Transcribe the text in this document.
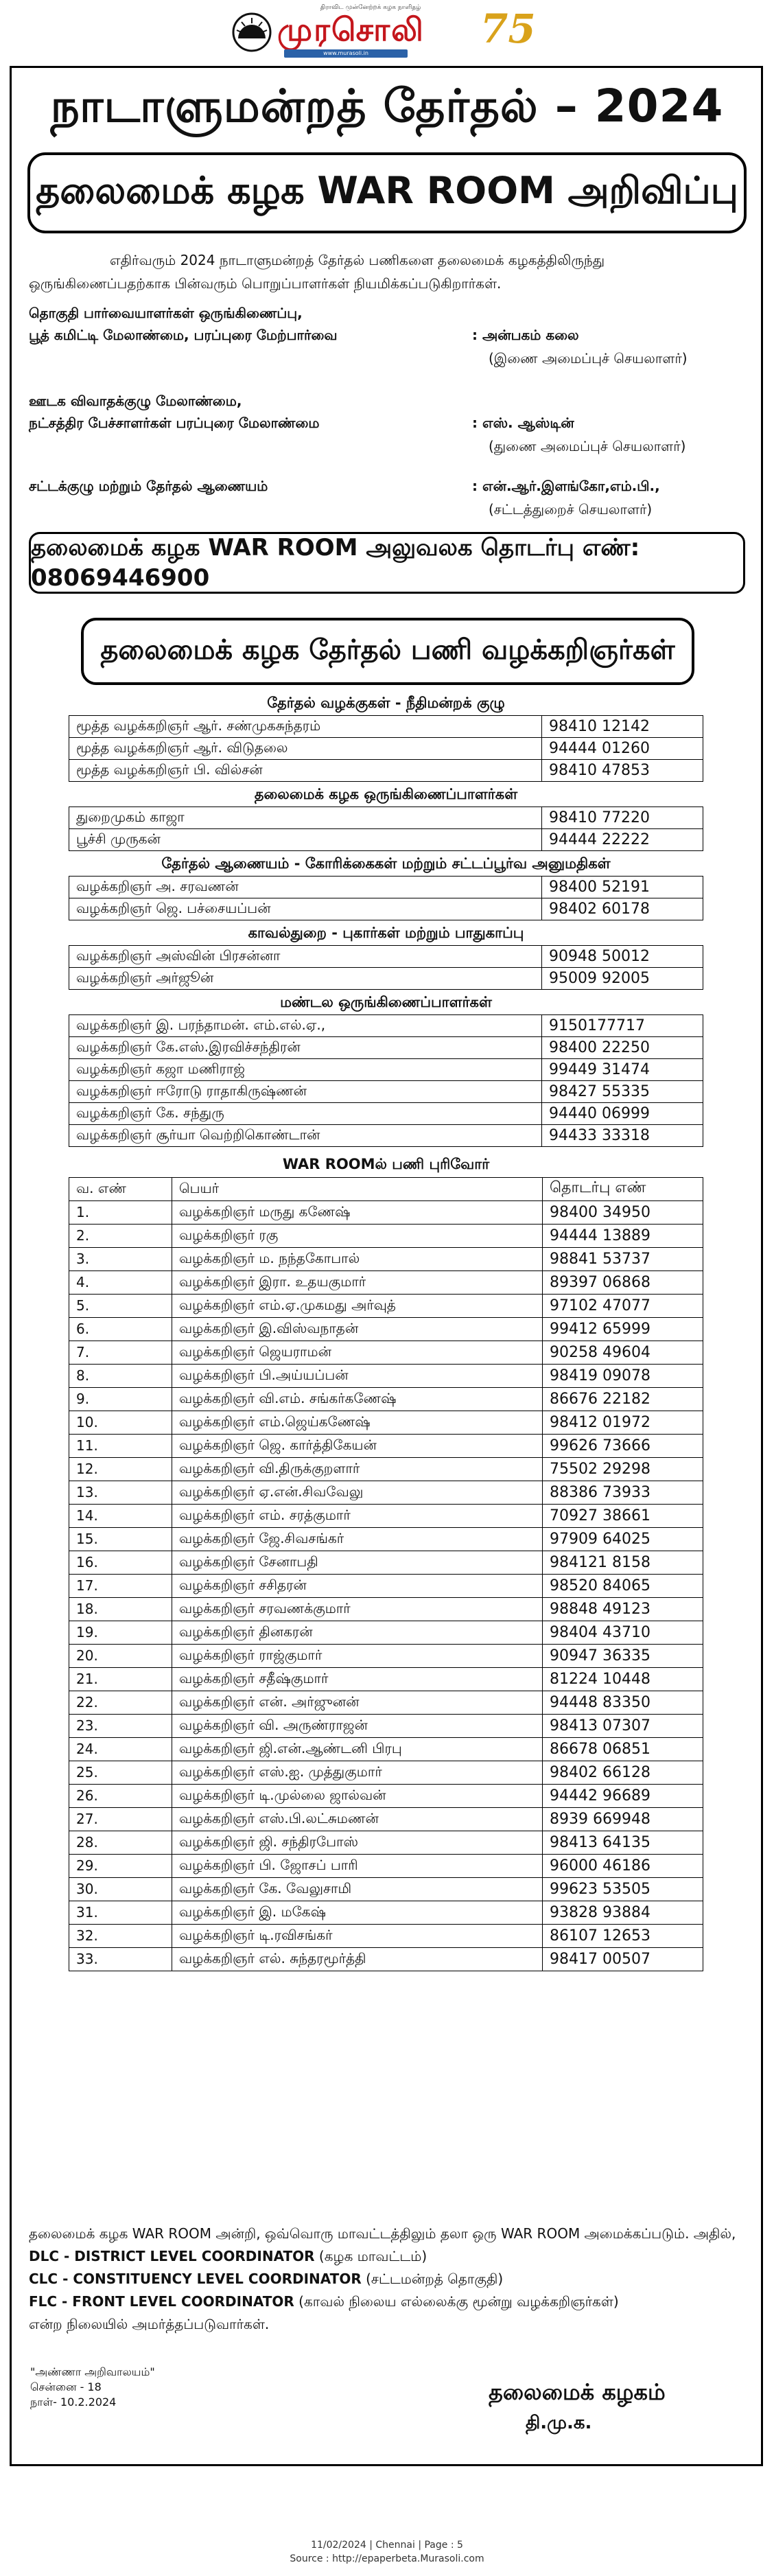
திராவிட முன்னேற்றக் கழக நாளிதழ்
முரசொலி
www.murasoli.in
75
நாடாளுமன்றத் தேர்தல் – 2024
தலைமைக் கழக WAR ROOM அறிவிப்பு
எதிர்வரும் 2024 நாடாளுமன்றத் தேர்தல் பணிகளை தலைமைக் கழகத்திலிருந்து ஒருங்கிணைப்பதற்காக பின்வரும் பொறுப்பாளர்கள் நியமிக்கப்படுகிறார்கள்.
தொகுதி பார்வையாளர்கள் ஒருங்கிணைப்பு,
பூத் கமிட்டி மேலாண்மை, பரப்புரை மேற்பார்வை	: அன்பகம் கலை
(இணை அமைப்புச் செயலாளர்)
ஊடக விவாதக்குழு மேலாண்மை,
நட்சத்திர பேச்சாளர்கள் பரப்புரை மேலாண்மை	: எஸ். ஆஸ்டின்
(துணை அமைப்புச் செயலாளர்)
சட்டக்குழு மற்றும் தேர்தல் ஆணையம்	: என்.ஆர்.இளங்கோ,எம்.பி.,
(சட்டத்துறைச் செயலாளர்)
தலைமைக் கழக WAR ROOM அலுவலக தொடர்பு எண்: 08069446900
தலைமைக் கழக தேர்தல் பணி வழக்கறிஞர்கள்
தேர்தல் வழக்குகள் - நீதிமன்றக் குழு	
மூத்த வழக்கறிஞர் ஆர். சண்முகசுந்தரம்	98410 12142
மூத்த வழக்கறிஞர் ஆர். விடுதலை	94444 01260
மூத்த வழக்கறிஞர் பி. வில்சன்	98410 47853
தலைமைக் கழக ஒருங்கிணைப்பாளர்கள்	
துறைமுகம் காஜா	98410 77220
பூச்சி முருகன்	94444 22222
தேர்தல் ஆணையம் - கோரிக்கைகள் மற்றும் சட்டப்பூர்வ அனுமதிகள்	
வழக்கறிஞர் அ. சரவணன்	98400 52191
வழக்கறிஞர் ஜெ. பச்சையப்பன்	98402 60178
காவல்துறை - புகார்கள் மற்றும் பாதுகாப்பு	
வழக்கறிஞர் அஸ்வின் பிரசன்னா	90948 50012
வழக்கறிஞர் அர்ஜூன்	95009 92005
மண்டல ஒருங்கிணைப்பாளர்கள்	
வழக்கறிஞர் இ. பரந்தாமன். எம்.எல்.ஏ.,	9150177717
வழக்கறிஞர் கே.எஸ்.இரவிச்சந்திரன்	98400 22250
வழக்கறிஞர் கஜா மணிராஜ்	99449 31474
வழக்கறிஞர் ஈரோடு ராதாகிருஷ்ணன்	98427 55335
வழக்கறிஞர் கே. சந்துரு	94440 06999
வழக்கறிஞர் சூர்யா வெற்றிகொண்டான்	94433 33318
WAR ROOMல் பணி புரிவோர்		
வ. எண்	பெயர்	தொடர்பு எண்
1.	வழக்கறிஞர் மருது கணேஷ்	98400 34950
2.	வழக்கறிஞர் ரகு	94444 13889
3.	வழக்கறிஞர் ம. நந்தகோபால்	98841 53737
4.	வழக்கறிஞர் இரா. உதயகுமார்	89397 06868
5.	வழக்கறிஞர் எம்.ஏ.முகமது அர்வுத்	97102 47077
6.	வழக்கறிஞர் இ.விஸ்வநாதன்	99412 65999
7.	வழக்கறிஞர் ஜெயராமன்	90258 49604
8.	வழக்கறிஞர் பி.அய்யப்பன்	98419 09078
9.	வழக்கறிஞர் வி.எம். சங்கர்கணேஷ்	86676 22182
10.	வழக்கறிஞர் எம்.ஜெய்கணேஷ்	98412 01972
11.	வழக்கறிஞர் ஜெ. கார்த்திகேயன்	99626 73666
12.	வழக்கறிஞர் வி.திருக்குறளார்	75502 29298
13.	வழக்கறிஞர் ஏ.என்.சிவவேலு	88386 73933
14.	வழக்கறிஞர் எம். சரத்குமார்	70927 38661
15.	வழக்கறிஞர் ஜே.சிவசங்கர்	97909 64025
16.	வழக்கறிஞர் சேனாபதி	984121 8158
17.	வழக்கறிஞர் சசிதரன்	98520 84065
18.	வழக்கறிஞர் சரவணக்குமார்	98848 49123
19.	வழக்கறிஞர் தினகரன்	98404 43710
20.	வழக்கறிஞர் ராஜ்குமார்	90947 36335
21.	வழக்கறிஞர் சதீஷ்குமார்	81224 10448
22.	வழக்கறிஞர் என். அர்ஜுனன்	94448 83350
23.	வழக்கறிஞர் வி. அருண்ராஜன்	98413 07307
24.	வழக்கறிஞர் ஜி.என்.ஆண்டனி பிரபு	86678 06851
25.	வழக்கறிஞர் எஸ்.ஐ. முத்துகுமார்	98402 66128
26.	வழக்கறிஞர் டி.முல்லை ஜால்வன்	94442 96689
27.	வழக்கறிஞர் எஸ்.பி.லட்சுமணன்	8939 669948
28.	வழக்கறிஞர் ஜி. சந்திரபோஸ்	98413 64135
29.	வழக்கறிஞர் பி. ஜோசப் பாரி	96000 46186
30.	வழக்கறிஞர் கே. வேலுசாமி	99623 53505
31.	வழக்கறிஞர் இ. மகேஷ்	93828 93884
32.	வழக்கறிஞர் டி.ரவிசங்கர்	86107 12653
33.	வழக்கறிஞர் எல். சுந்தரமூர்த்தி	98417 00507
தலைமைக் கழக WAR ROOM அன்றி, ஒவ்வொரு மாவட்டத்திலும் தலா ஒரு WAR ROOM அமைக்கப்படும். அதில்,
DLC - DISTRICT LEVEL COORDINATOR (கழக மாவட்டம்)
CLC - CONSTITUENCY LEVEL COORDINATOR (சட்டமன்றத் தொகுதி)
FLC - FRONT LEVEL COORDINATOR (காவல் நிலைய எல்லைக்கு மூன்று வழக்கறிஞர்கள்)
என்ற நிலையில் அமர்த்தப்படுவார்கள்.
"அண்ணா அறிவாலயம்"
சென்னை - 18
நாள்- 10.2.2024	தலைமைக் கழகம்
தி.மு.க.
11/02/2024 | Chennai | Page : 5
Source : http://epaperbeta.Murasoli.com
